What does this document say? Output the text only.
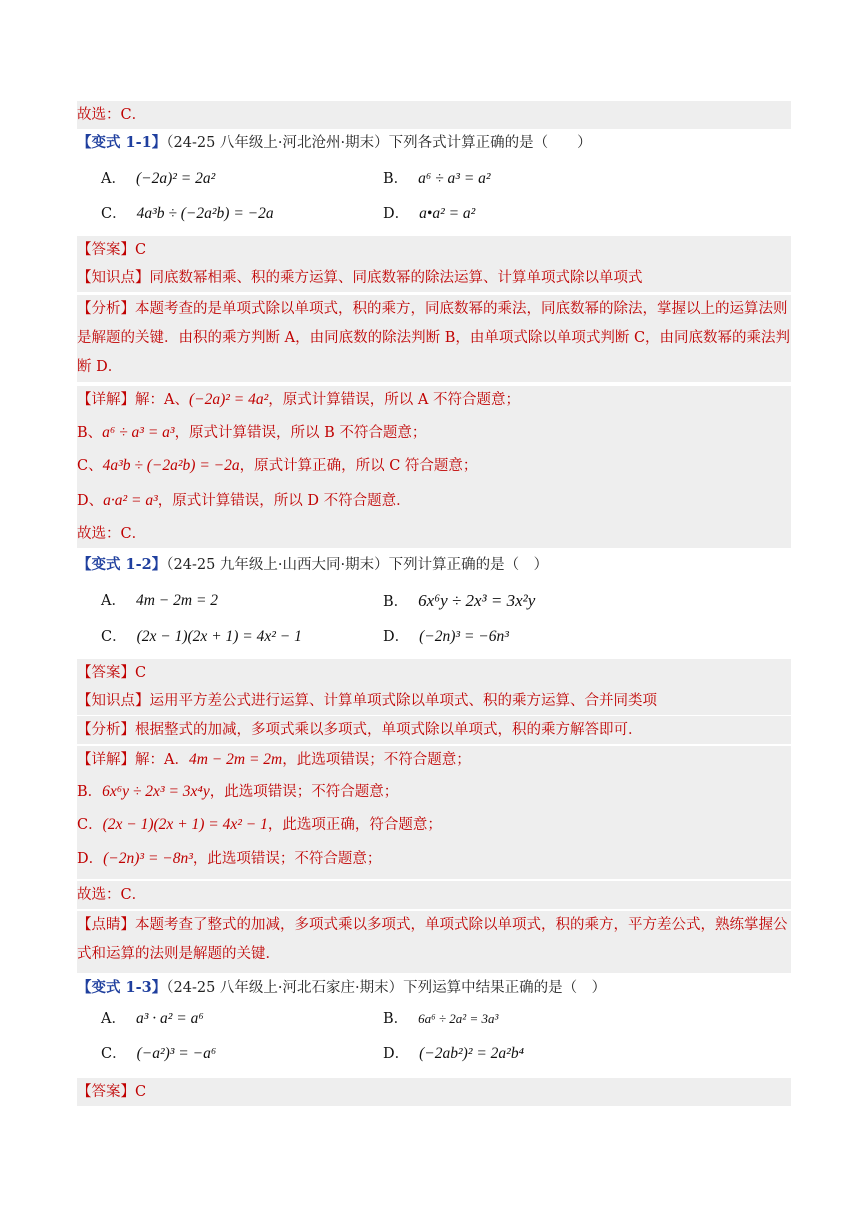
故选：C．
【变式 1-1】（24-25 八年级上·河北沧州·期末）下列各式计算正确的是（　　）
A． (−2a)² = 2a²	B． a⁶ ÷ a³ = a²
C． 4a³b ÷ (−2a²b) = −2a	D． a•a² = a²
【答案】C
【知识点】同底数幂相乘、积的乘方运算、同底数幂的除法运算、计算单项式除以单项式
【分析】本题考查的是单项式除以单项式，积的乘方，同底数幂的乘法，同底数幂的除法，掌握以上的运算法则是解题的关键．由积的乘方判断 A，由同底数的除法判断 B，由单项式除以单项式判断 C，由同底数幂的乘法判断 D．
【详解】解：A、(−2a)² = 4a²，原式计算错误，所以 A 不符合题意；
B、a⁶ ÷ a³ = a³，原式计算错误，所以 B 不符合题意；
C、4a³b ÷ (−2a²b) = −2a，原式计算正确，所以 C 符合题意；
D、a·a² = a³，原式计算错误，所以 D 不符合题意．
故选：C．
【变式 1-2】（24-25 九年级上·山西大同·期末）下列计算正确的是（　）
A． 4m − 2m = 2	B． 6x⁶y ÷ 2x³ = 3x²y
C． (2x − 1)(2x + 1) = 4x² − 1	D． (−2n)³ = −6n³
【答案】C
【知识点】运用平方差公式进行运算、计算单项式除以单项式、积的乘方运算、合并同类项
【分析】根据整式的加减，多项式乘以多项式，单项式除以单项式，积的乘方解答即可．
【详解】解：A．4m − 2m = 2m，此选项错误；不符合题意；
B．6x⁶y ÷ 2x³ = 3x⁴y，此选项错误；不符合题意；
C．(2x − 1)(2x + 1) = 4x² − 1，此选项正确，符合题意；
D．(−2n)³ = −8n³，此选项错误；不符合题意；
故选：C．
【点睛】本题考查了整式的加减，多项式乘以多项式，单项式除以单项式，积的乘方，平方差公式，熟练掌握公式和运算的法则是解题的关键．
【变式 1-3】（24-25 八年级上·河北石家庄·期末）下列运算中结果正确的是（　）
A． a³ · a² = a⁶	B． 6a⁶ ÷ 2a² = 3a³
C． (−a²)³ = −a⁶	D． (−2ab²)² = 2a²b⁴
【答案】C
